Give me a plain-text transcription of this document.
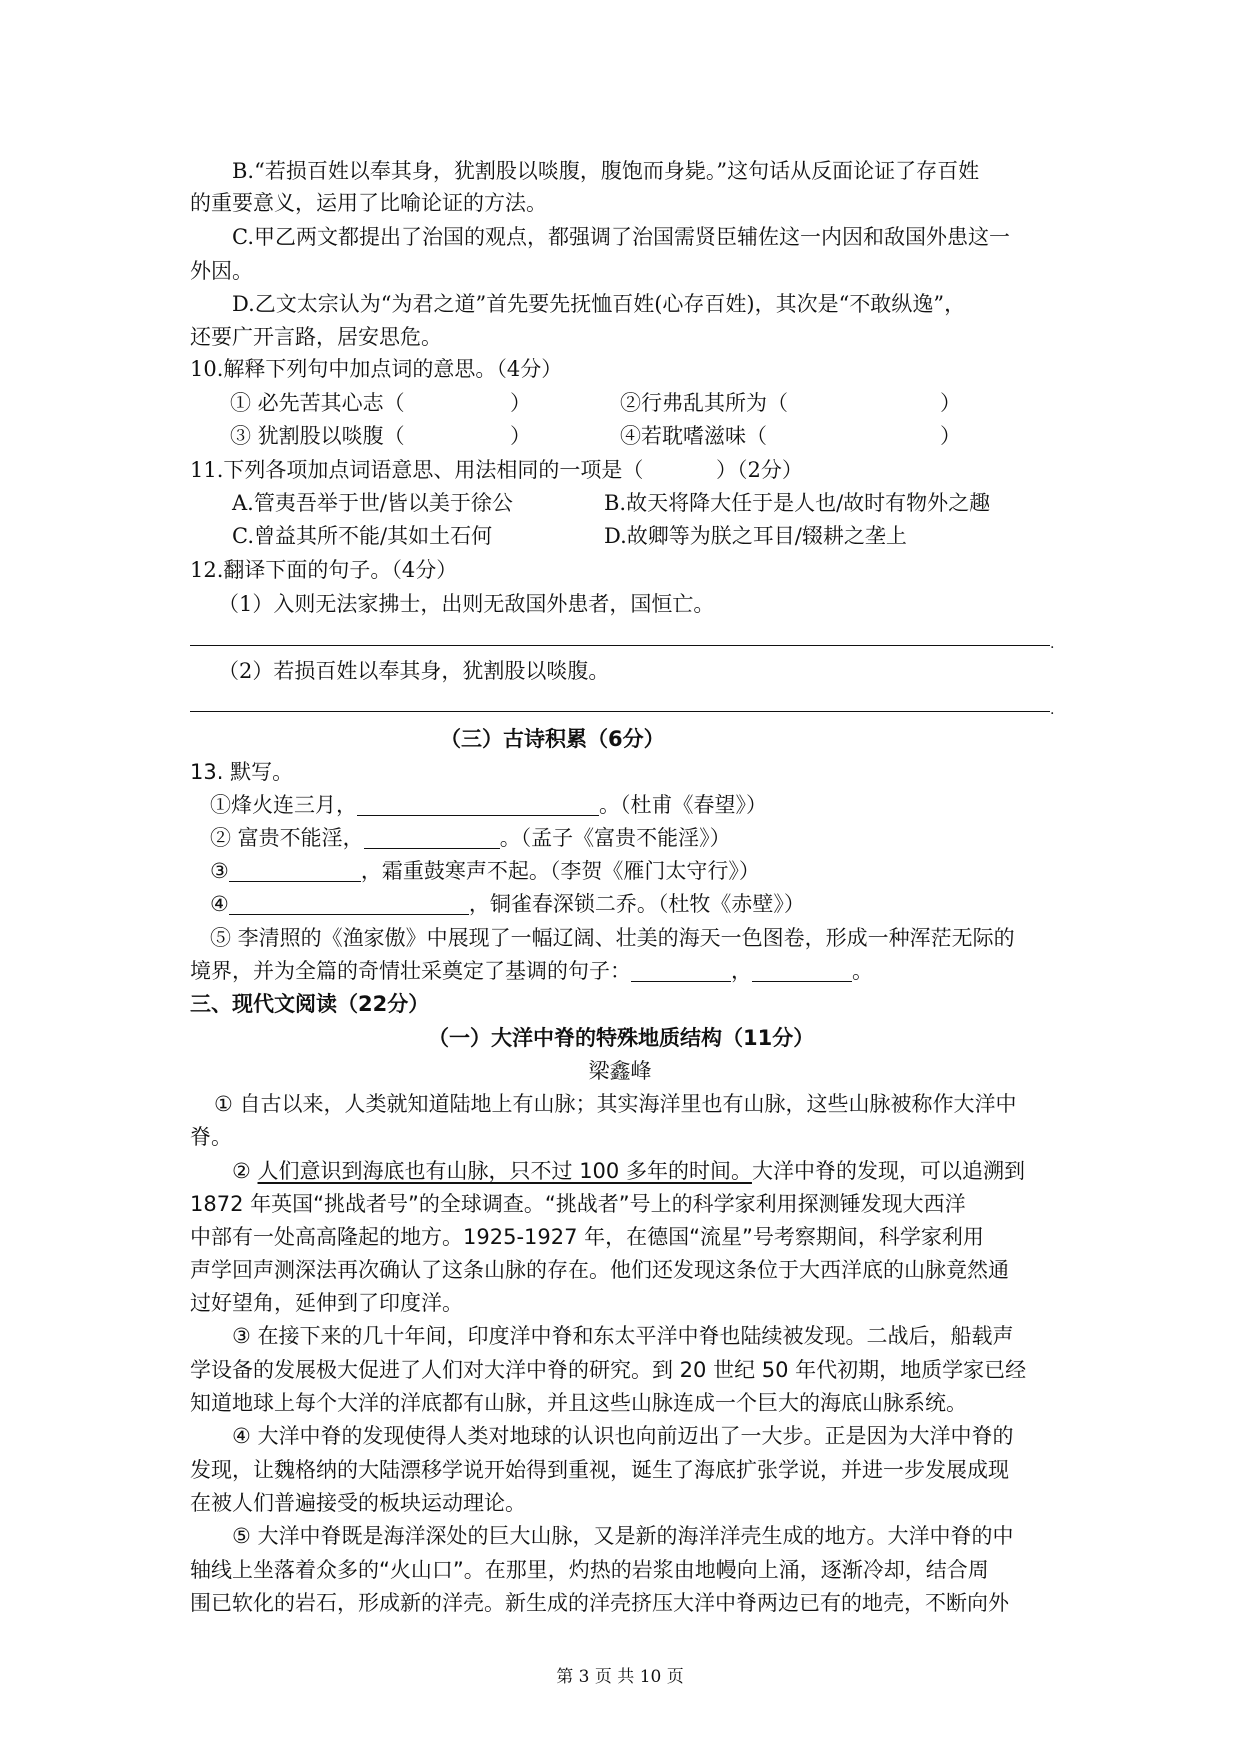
B.“若损百姓以奉其身，犹割股以啖腹，腹饱而身毙。”这句话从反面论证了存百姓
的重要意义，运用了比喻论证的方法。
C.甲乙两文都提出了治国的观点，都强调了治国需贤臣辅佐这一内因和敌国外患这一
外因。
D.乙文太宗认为“为君之道”首先要先抚恤百姓(心存百姓)，其次是“不敢纵逸”，
还要广开言路，居安思危。
10.解释下列句中加点词的意思。（4分）
① 必先苦其心志（	）	②行弗乱其所为（	）
③ 犹割股以啖腹（	）	④若耽嗜滋味（	）
11.下列各项加点词语意思、用法相同的一项是（	）（2分）
A.管夷吾举于世/皆以美于徐公	B.故天将降大任于是人也/故时有物外之趣
C.曾益其所不能/其如土石何	D.故卿等为朕之耳目/辍耕之垄上
12.翻译下面的句子。（4分）
（1）入则无法家拂士，出则无敌国外患者，国恒亡。
.
（2）若损百姓以奉其身，犹割股以啖腹。
.
（三）古诗积累（6分）
13. 默写。
①烽火连三月，	。（杜甫《春望》）
② 富贵不能淫，	。（孟子《富贵不能淫》）
③	，霜重鼓寒声不起。（李贺《雁门太守行》）
④	，铜雀春深锁二乔。（杜牧《赤壁》）
⑤ 李清照的《渔家傲》中展现了一幅辽阔、壮美的海天一色图卷，形成一种浑茫无际的
境界，并为全篇的奇情壮采奠定了基调的句子：	，	。
三、现代文阅读（22分）
（一）大洋中脊的特殊地质结构（11分）
梁鑫峰
① 自古以来，人类就知道陆地上有山脉；其实海洋里也有山脉，这些山脉被称作大洋中
脊。
② 人们意识到海底也有山脉，只不过 100 多年的时间。大洋中脊的发现，可以追溯到
1872 年英国“挑战者号”的全球调查。“挑战者”号上的科学家利用探测锤发现大西洋
中部有一处高高隆起的地方。1925-1927 年，在德国“流星”号考察期间，科学家利用
声学回声测深法再次确认了这条山脉的存在。他们还发现这条位于大西洋底的山脉竟然通
过好望角，延伸到了印度洋。
③ 在接下来的几十年间，印度洋中脊和东太平洋中脊也陆续被发现。二战后，船载声
学设备的发展极大促进了人们对大洋中脊的研究。到 20 世纪 50 年代初期，地质学家已经
知道地球上每个大洋的洋底都有山脉，并且这些山脉连成一个巨大的海底山脉系统。
④ 大洋中脊的发现使得人类对地球的认识也向前迈出了一大步。正是因为大洋中脊的
发现，让魏格纳的大陆漂移学说开始得到重视，诞生了海底扩张学说，并进一步发展成现
在被人们普遍接受的板块运动理论。
⑤ 大洋中脊既是海洋深处的巨大山脉，又是新的海洋洋壳生成的地方。大洋中脊的中
轴线上坐落着众多的“火山口”。在那里，灼热的岩浆由地幔向上涌，逐渐冷却，结合周
围已软化的岩石，形成新的洋壳。新生成的洋壳挤压大洋中脊两边已有的地壳，不断向外
第 3 页 共 10 页
